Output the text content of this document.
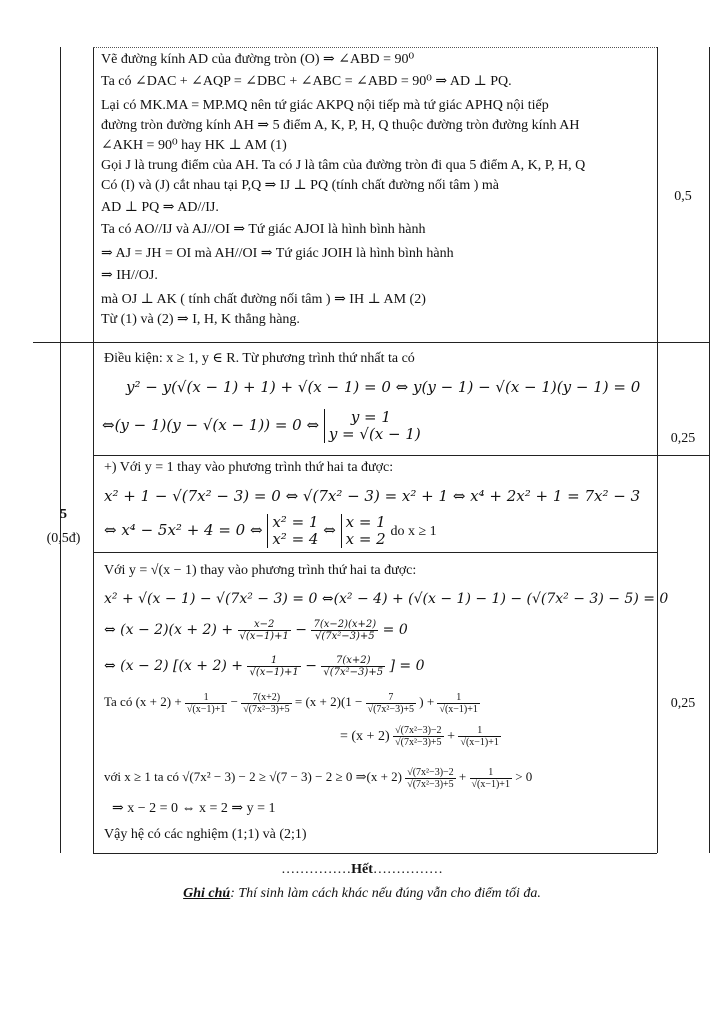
Vẽ đường kính AD của đường tròn (O) ⇒ ∠ABD = 90⁰
Ta có ∠DAC + ∠AQP = ∠DBC + ∠ABC = ∠ABD = 90⁰ ⇒ AD ⊥ PQ.
Lại có MK.MA = MP.MQ nên tứ giác AKPQ nội tiếp mà tứ giác APHQ nội tiếp
đường tròn đường kính AH ⇒ 5 điểm A, K, P, H, Q thuộc đường tròn đường kính AH
∠AKH = 90⁰ hay HK ⊥ AM (1)
Gọi J là trung điểm của AH. Ta có J là tâm của đường tròn đi qua 5 điểm A, K, P, H, Q
Có (I) và (J) cắt nhau tại P,Q ⇒ IJ ⊥ PQ (tính chất đường nối tâm ) mà
AD ⊥ PQ ⇒ AD//IJ.
Ta có AO//IJ và AJ//OI ⇒ Tứ giác AJOI là hình bình hành
⇒ AJ = JH = OI mà AH//OI ⇒ Tứ giác JOIH là hình bình hành
⇒ IH//OJ.
mà OJ ⊥ AK ( tính chất đường nối tâm ) ⇒ IH ⊥ AM (2)
Từ (1) và (2) ⇒ I, H, K thẳng hàng.
0,5
5
(0,5đ)
Điều kiện: x ≥ 1, y ∈ R. Từ phương trình thứ nhất ta có
y² − y(√(x − 1) + 1) + √(x − 1) = 0 ⇔ y(y − 1) − √(x − 1)(y − 1) = 0
⇔(y − 1)(y − √(x − 1)) = 0 ⇔	y = 1
y = √(x − 1)	0,25
+) Với y = 1 thay vào phương trình thứ hai ta được:
x² + 1 − √(7x² − 3) = 0 ⇔ √(7x² − 3) = x² + 1 ⇔ x⁴ + 2x² + 1 = 7x² − 3
⇔ x⁴ − 5x² + 4 = 0 ⇔ x² = 1
x² = 4 ⇔ x = 1
x = 2 do x ≥ 1
Với y = √(x − 1) thay vào phương trình thứ hai ta được:
x² + √(x − 1) − √(7x² − 3) = 0 ⇔(x² − 4) + (√(x − 1) − 1) − (√(7x² − 3) − 5) = 0
⇔ $(x - 2)(x + 2) + \frac{x-2}{√(x-1)+1} - \frac{7(x-2)(x+2)}{\text{√(7x²−3)+5}} = 0$
⇔ (x − 2) [$(x + 2) + \frac{1}{√(x-1)+1} - \frac{7(x+2)}{\text{√(7x²−3)+5}}$ ] = 0
Ta có $(x + 2) + \frac{1}{√(x-1)+1} - \frac{7(x+2)}{\text{√(7x²−3)+5}} = (x + 2)(1 - \frac{7}{\text{√(7x²−3)+5}}$ ) + $\frac{1}{√(x-1)+1}$
= $(x + 2) \frac{\text{√(7x²−3)−2}}{\text{√(7x²−3)+5}} + \frac{1}{√(x-1)+1}$
với x ≥ 1 ta có √(7x² − 3) − 2 ≥ √(7 − 3) − 2 ≥ 0 ⇒(x + $2) \frac{\text{√(7x²−3)−2}}{\text{√(7x²−3)+5}} + \frac{1}{√(x-1)+1} > 0$
⇒ x − 2 = 0 ⇔ x = 2 ⇒ y = 1
Vậy hệ có các nghiệm (1;1) và (2;1)
0,25
……………Hết……………
Ghi chú: Thí sinh làm cách khác nếu đúng vẫn cho điểm tối đa.
